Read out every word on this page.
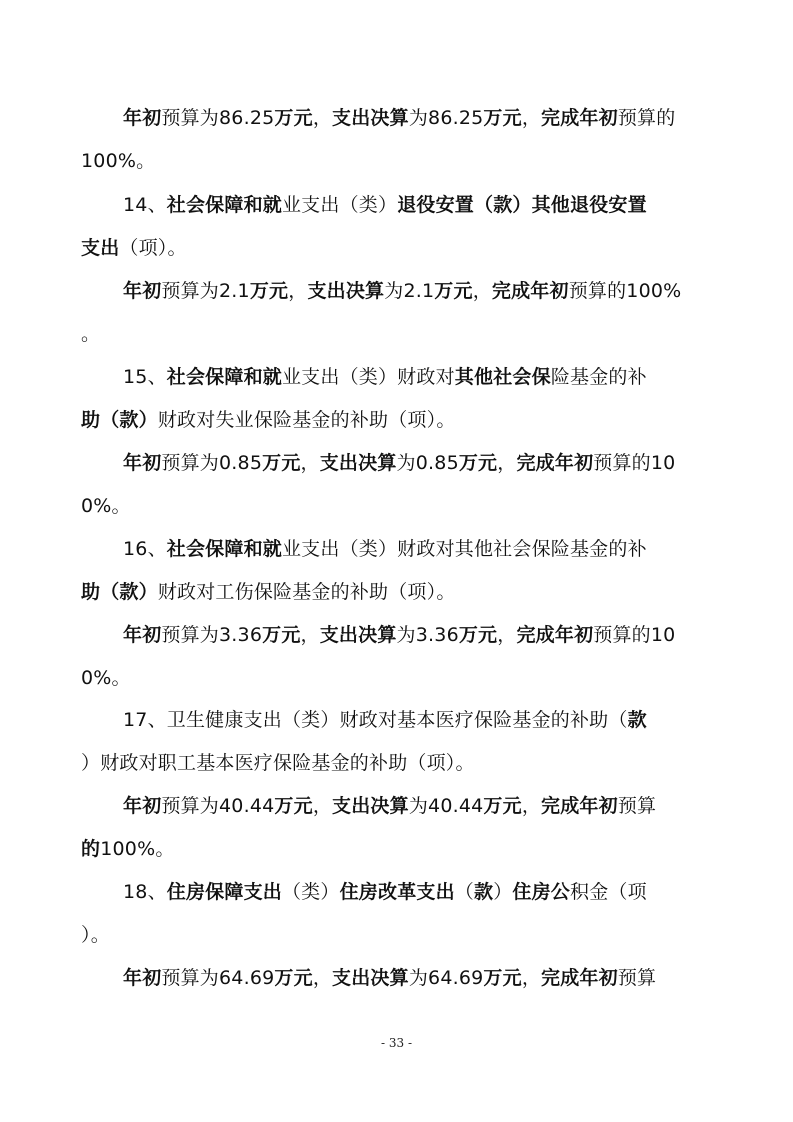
年初预算为86.25万元，支出决算为86.25万元，完成年初预算的
100%。
14、社会保障和就业支出（类）退役安置（款）其他退役安置
支出（项）。
年初预算为2.1万元，支出决算为2.1万元，完成年初预算的100%
。
15、社会保障和就业支出（类）财政对其他社会保险基金的补
助（款）财政对失业保险基金的补助（项）。
年初预算为0.85万元，支出决算为0.85万元，完成年初预算的10
0%。
16、社会保障和就业支出（类）财政对其他社会保险基金的补
助（款）财政对工伤保险基金的补助（项）。
年初预算为3.36万元，支出决算为3.36万元，完成年初预算的10
0%。
17、卫生健康支出（类）财政对基本医疗保险基金的补助（款
）财政对职工基本医疗保险基金的补助（项）。
年初预算为40.44万元，支出决算为40.44万元，完成年初预算
的100%。
18、住房保障支出（类）住房改革支出（款）住房公积金（项
）。
年初预算为64.69万元，支出决算为64.69万元，完成年初预算
- 33 -
